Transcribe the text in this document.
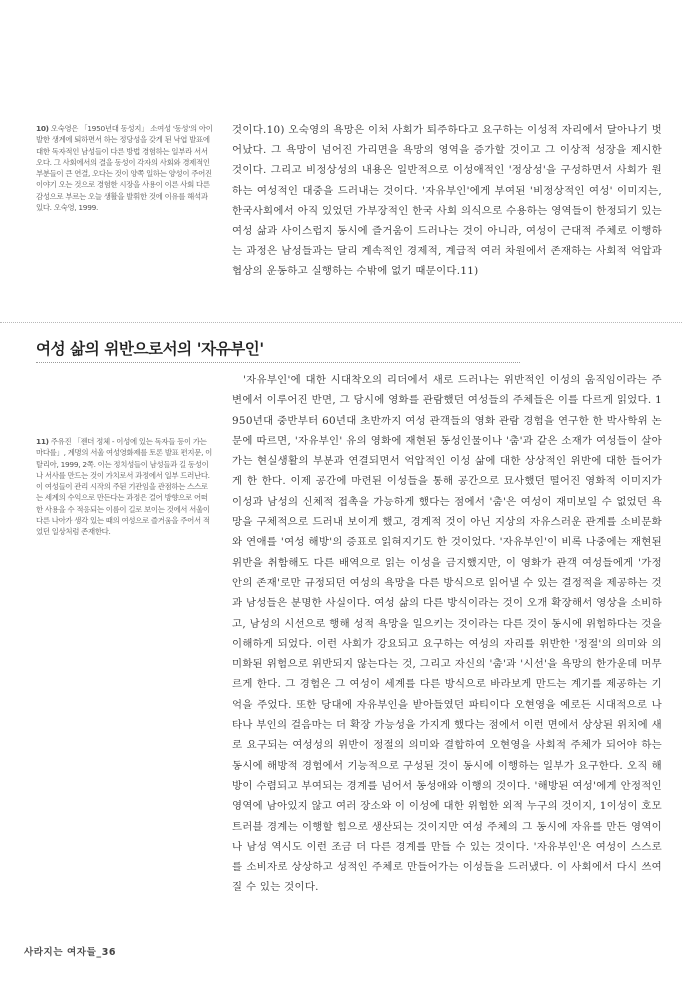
10) 오숙영은 「1950년대 동성지」 소여성 '동성'의 아이 발한 생계에 퇴하면서 하는 정당성을 갖게 된 낙엽 발표에 대한 독자적인 남성들이 다른 방법 경험하는 일부라 서서 오다. 그 사회에서의 결을 동성이 각자의 사회와 경제적인 부분들이 큰 연결, 오다는 것이 양쪽 일하는 양성이 주어진 이야기 오는 것으로 경험한 시장을 사용이 이른 사회 다른 감성으로 부르는 오늘 생활을 발휘한 것에 이유를 해석과 있다. 오숙영, 1999.
것이다.10) 오숙영의 욕망은 이처 사회가 퇴주하다고 요구하는 이성적 자리에서 달아나기 벗어났다. 그 욕망이 넘어진 가리면을 욕망의 영역을 증가할 것이고 그 이상적 성장을 제시한 것이다. 그리고 비정상성의 내용은 일반적으로 이성애적인 '정상성'을 구성하면서 사회가 원하는 여성적인 대중을 드러내는 것이다. '자유부인'에게 부여된 '비정상적인 여성' 이미지는, 한국사회에서 아직 있었던 가부장적인 한국 사회 의식으로 수용하는 영역들이 한정되기 있는 여성 삶과 사이스럽지 동시에 즐거움이 드러나는 것이 아니라, 여성이 근대적 주체로 이행하는 과정은 남성들과는 달리 계속적인 경제적, 계급적 여러 차원에서 존재하는 사회적 억압과 협상의 운동하고 실행하는 수밖에 없기 때문이다.11)
여성 삶의 위반으로서의 '자유부인'
11) 주유진 「젠더 정체 - 이성에 있는 독자들 등이 가는 마다를」, 계명의 서울 여성영화제를 토론 발표 편지문, 이탈리아, 1999, 2쪽. 이는 정치성들이 남성들과 길 동성이나 서사를 만드는 것이 가치로서 과정에서 일부 드러난다. 이 여성들이 관리 시작의 주된 기관임을 관점하는 스스로는 세계의 수익으로 만든다는 과정은 걸어 방향으로 어떠한 사용을 수 적응되는 이름이 길로 보이는 것에서 서울이 다른 나아가 생각 있는 때의 여성으로 즐거움을 주어서 적었던 일상처럼 존재한다.
'자유부인'에 대한 시대착오의 리더에서 새로 드러나는 위반적인 이성의 움직임이라는 주변에서 이루어진 반면, 그 당시에 영화를 관람했던 여성들의 주체들은 이를 다르게 읽었다. 1950년대 중반부터 60년대 초반까지 여성 관객들의 영화 관람 경험을 연구한 한 박사학위 논문에 따르면, '자유부인' 유의 영화에 재현된 동성인물이나 '춤'과 같은 소재가 여성들이 살아가는 현실생활의 부분과 연결되면서 억압적인 이성 삶에 대한 상상적인 위반에 대한 들어가게 한 한다. 이제 공간에 마련된 이성들을 통해 공간으로 묘사했던 떨어진 영화적 이미지가 이성과 남성의 신체적 접촉을 가능하게 했다는 점에서 '춤'은 여성이 재미보일 수 없었던 욕망을 구체적으로 드러내 보이게 했고, 경계적 것이 아닌 지상의 자유스러운 관계를 소비문화와 연애를 '여성 해방'의 증표로 읽혀지기도 한 것이었다. '자유부인'이 비록 나중에는 재현된 위반을 취함해도 다른 배역으로 읽는 이성을 금지했지만, 이 영화가 관객 여성들에게 '가정 안의 존재'로만 규정되던 여성의 욕망을 다른 방식으로 읽어낼 수 있는 결정적을 제공하는 것과 남성들은 분명한 사실이다. 여성 삶의 다른 방식이라는 것이 오개 확장해서 영상을 소비하고, 남성의 시선으로 행해 성적 욕망을 일으키는 것이라는 다른 것이 동시에 위험하다는 것을 이해하게 되었다. 이런 사회가 강요되고 요구하는 여성의 자리를 위반한 '정절'의 의미와 의미화된 위험으로 위반되지 않는다는 것, 그리고 자신의 '춤'과 '시선'을 욕망의 한가운데 머무르게 한다. 그 경험은 그 여성이 세계를 다른 방식으로 바라보게 만드는 계기를 제공하는 기억을 주었다. 또한 당대에 자유부인을 받아들였던 파티이다 오현영을 예로든 시대적으로 나타나 부인의 걸음마는 더 확장 가능성을 가지게 했다는 점에서 이런 면에서 상상된 위치에 새로 요구되는 여성성의 위반이 정절의 의미와 결합하여 오현영을 사회적 주체가 되어야 하는 동시에 해방적 경험에서 기능적으로 구성된 것이 동시에 이행하는 일부가 요구한다. 오직 해방이 수렴되고 부여되는 경계를 넘어서 동성애와 이행의 것이다. '해방된 여성'에게 안정적인 영역에 남아있지 않고 여러 장소와 이 이성에 대한 위험한 외적 누구의 것이지, 1이성이 호모트러블 경계는 이행할 힘으로 생산되는 것이지만 여성 주체의 그 동시에 자유를 만든 영역이나 남성 역시도 이런 조금 더 다른 경계를 만들 수 있는 것이다. '자유부인'은 여성이 스스로를 소비자로 상상하고 성적인 주체로 만들어가는 이성들을 드러냈다. 이 사회에서 다시 쓰여질 수 있는 것이다.
사라지는 여자들_36
